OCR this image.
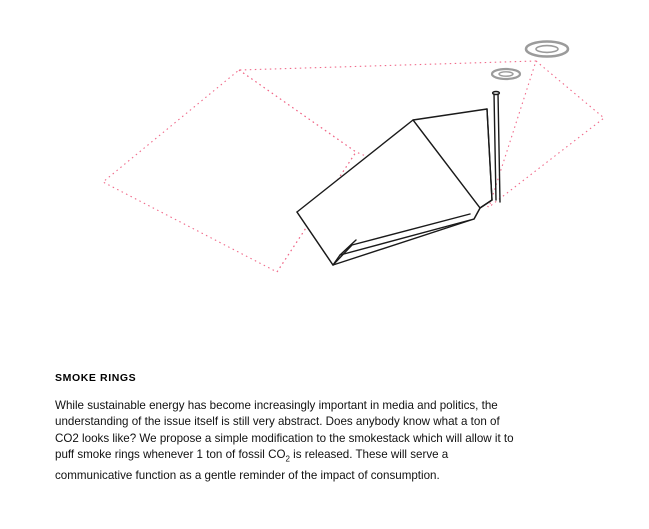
SMOKE RINGS

While sustainable energy has become increasingly important in media and politics, the understanding of the issue itself is still very abstract. Does anybody know what a ton of CO2 looks like? We propose a simple modification to the smokestack which will allow it to puff smoke rings whenever 1 ton of fossil $CO_2$ is released. These will serve a communicative function as a gentle reminder of the impact of consumption.
